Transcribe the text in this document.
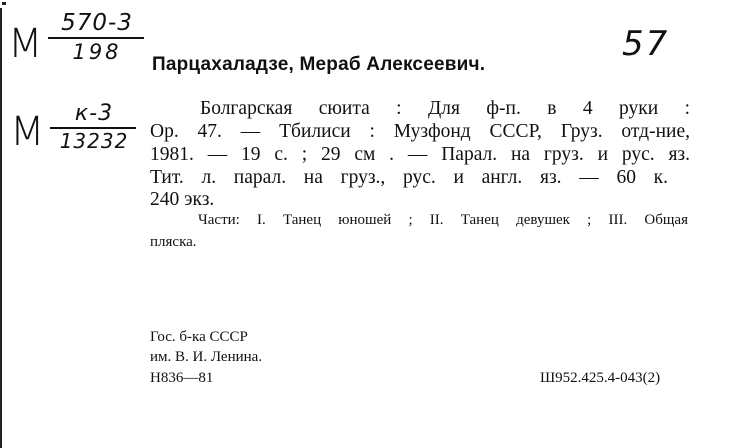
М 570-3
198
М	к-3
13232
57
Парцахаладзе, Мераб Алексеевич.
Болгарская сюита : Для ф-п. в 4 руки :
Op. 47. — Тбилиси : Музфонд СССР, Груз. отд-ние,
1981. — 19 с. ; 29 см . — Парал. на груз. и рус. яз.
Тит. л. парал. на груз., рус. и англ. яз. — 60 к.
240 экз.
Части: I. Танец юношей ; II. Танец девушек ; III. Общая
пляска.
Гос. б-ка СССР
им. В. И. Ленина.
Н836—81	Ш952.425.4-043(2)
